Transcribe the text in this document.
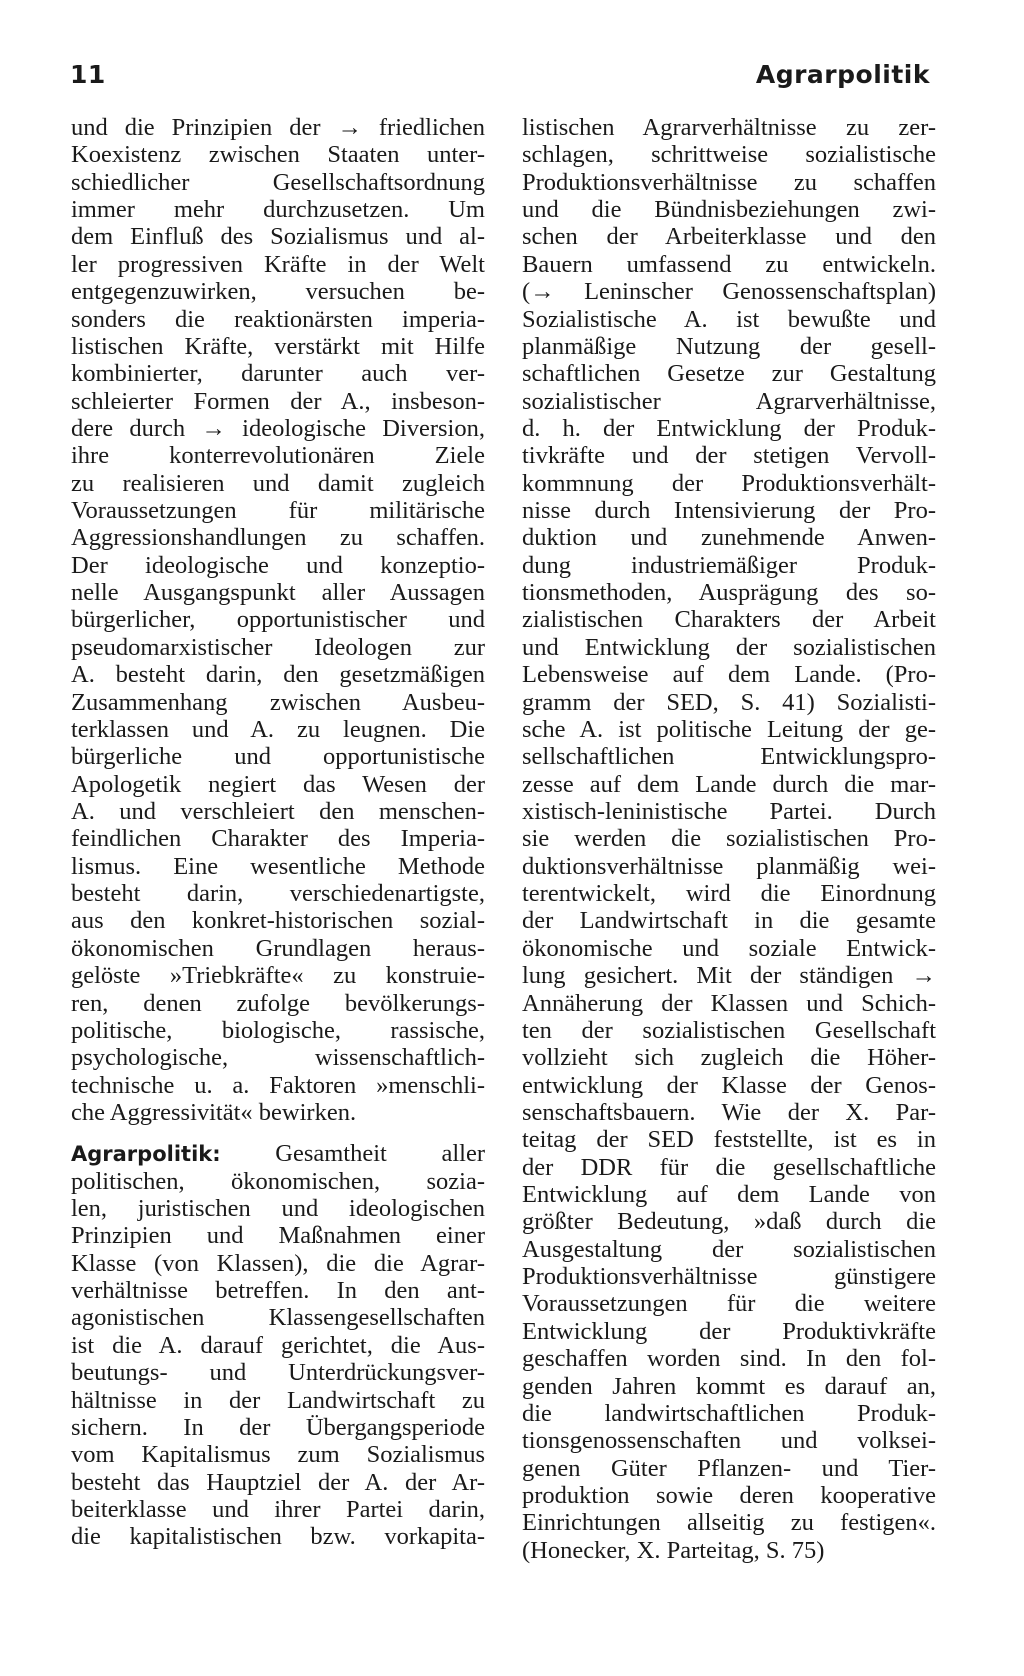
11	Agrarpolitik
und die Prinzipien der → friedlichen
Koexistenz zwischen Staaten unter-
schiedlicher Gesellschaftsordnung
immer mehr durchzusetzen. Um
dem Einfluß des Sozialismus und al-
ler progressiven Kräfte in der Welt
entgegenzuwirken, versuchen be-
sonders die reaktionärsten imperia-
listischen Kräfte, verstärkt mit Hilfe
kombinierter, darunter auch ver-
schleierter Formen der A., insbeson-
dere durch → ideologische Diversion,
ihre konterrevolutionären Ziele
zu realisieren und damit zugleich
Voraussetzungen für militärische
Aggressionshandlungen zu schaffen.
Der ideologische und konzeptio-
nelle Ausgangspunkt aller Aussagen
bürgerlicher, opportunistischer und
pseudomarxistischer Ideologen zur
A. besteht darin, den gesetzmäßigen
Zusammenhang zwischen Ausbeu-
terklassen und A. zu leugnen. Die
bürgerliche und opportunistische
Apologetik negiert das Wesen der
A. und verschleiert den menschen-
feindlichen Charakter des Imperia-
lismus. Eine wesentliche Methode
besteht darin, verschiedenartigste,
aus den konkret-historischen sozial-
ökonomischen Grundlagen heraus-
gelöste »Triebkräfte« zu konstruie-
ren, denen zufolge bevölkerungs-
politische, biologische, rassische,
psychologische, wissenschaftlich-
technische u. a. Faktoren »menschli-
che Aggressivität« bewirken.
Agrarpolitik: Gesamtheit aller
politischen, ökonomischen, sozia-
len, juristischen und ideologischen
Prinzipien und Maßnahmen einer
Klasse (von Klassen), die die Agrar-
verhältnisse betreffen. In den ant-
agonistischen Klassengesellschaften
ist die A. darauf gerichtet, die Aus-
beutungs- und Unterdrückungsver-
hältnisse in der Landwirtschaft zu
sichern. In der Übergangsperiode
vom Kapitalismus zum Sozialismus
besteht das Hauptziel der A. der Ar-
beiterklasse und ihrer Partei darin,
die kapitalistischen bzw. vorkapita-
listischen Agrarverhältnisse zu zer-
schlagen, schrittweise sozialistische
Produktionsverhältnisse zu schaffen
und die Bündnisbeziehungen zwi-
schen der Arbeiterklasse und den
Bauern umfassend zu entwickeln.
(→ Leninscher Genossenschaftsplan)
Sozialistische A. ist bewußte und
planmäßige Nutzung der gesell-
schaftlichen Gesetze zur Gestaltung
sozialistischer Agrarverhältnisse,
d. h. der Entwicklung der Produk-
tivkräfte und der stetigen Vervoll-
kommnung der Produktionsverhält-
nisse durch Intensivierung der Pro-
duktion und zunehmende Anwen-
dung industriemäßiger Produk-
tionsmethoden, Ausprägung des so-
zialistischen Charakters der Arbeit
und Entwicklung der sozialistischen
Lebensweise auf dem Lande. (Pro-
gramm der SED, S. 41) Sozialisti-
sche A. ist politische Leitung der ge-
sellschaftlichen Entwicklungspro-
zesse auf dem Lande durch die mar-
xistisch-leninistische Partei. Durch
sie werden die sozialistischen Pro-
duktionsverhältnisse planmäßig wei-
terentwickelt, wird die Einordnung
der Landwirtschaft in die gesamte
ökonomische und soziale Entwick-
lung gesichert. Mit der ständigen →
Annäherung der Klassen und Schich-
ten der sozialistischen Gesellschaft
vollzieht sich zugleich die Höher-
entwicklung der Klasse der Genos-
senschaftsbauern. Wie der X. Par-
teitag der SED feststellte, ist es in
der DDR für die gesellschaftliche
Entwicklung auf dem Lande von
größter Bedeutung, »daß durch die
Ausgestaltung der sozialistischen
Produktionsverhältnisse günstigere
Voraussetzungen für die weitere
Entwicklung der Produktivkräfte
geschaffen worden sind. In den fol-
genden Jahren kommt es darauf an,
die landwirtschaftlichen Produk-
tionsgenossenschaften und volksei-
genen Güter Pflanzen- und Tier-
produktion sowie deren kooperative
Einrichtungen allseitig zu festigen«.
(Honecker, X. Parteitag, S. 75)
